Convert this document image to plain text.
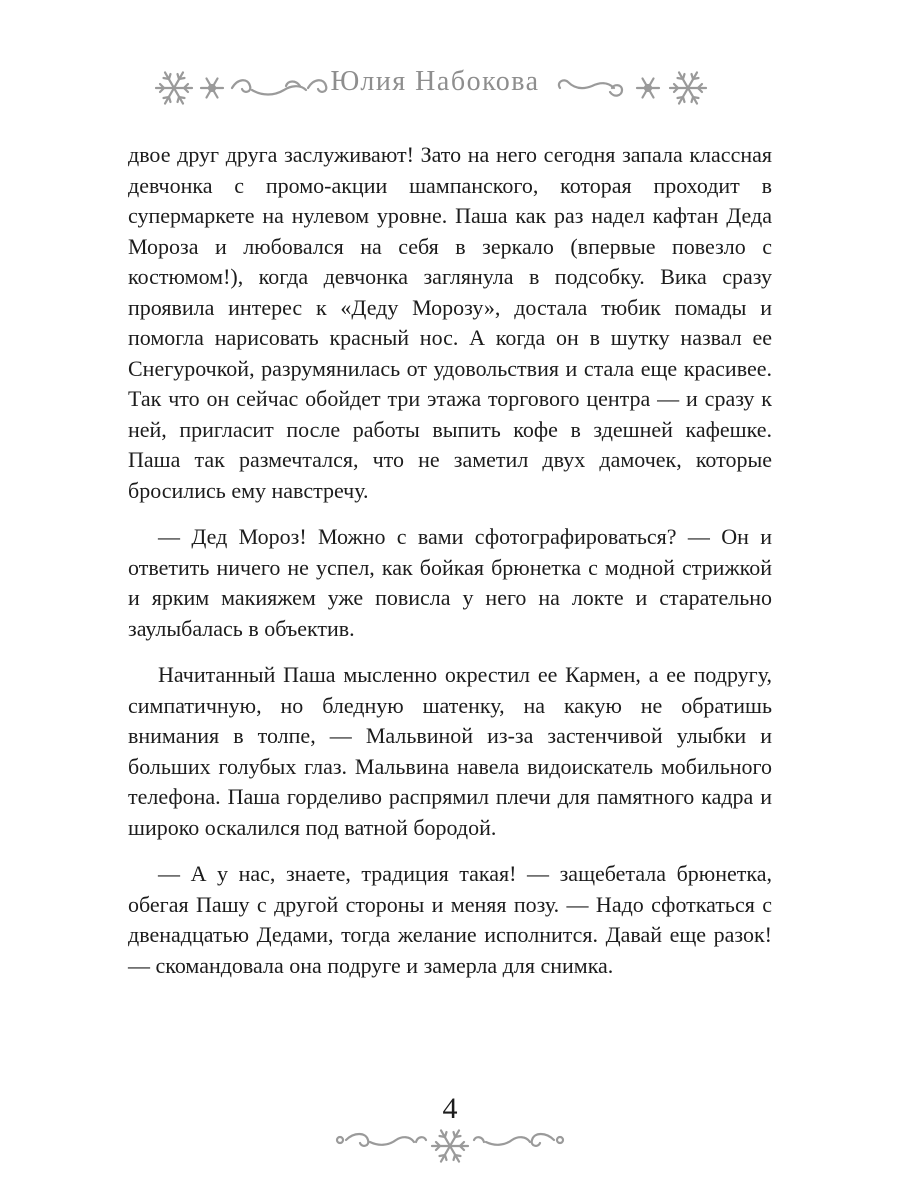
Юлия Набокова

двое друг друга заслуживают! Зато на него сегодня запала классная девчонка с промо-акции шампанского, которая проходит в супермаркете на нулевом уровне. Паша как раз надел кафтан Деда Мороза и любовался на себя в зеркало (впервые повезло с костюмом!), когда девчонка заглянула в подсобку. Вика сразу проявила интерес к «Деду Морозу», достала тюбик помады и помогла нарисовать красный нос. А когда он в шутку назвал ее Снегурочкой, разрумянилась от удовольствия и стала еще красивее. Так что он сейчас обойдет три этажа торгового центра — и сразу к ней, пригласит после работы выпить кофе в здешней кафешке. Паша так размечтался, что не заметил двух дамочек, которые бросились ему навстречу.

— Дед Мороз! Можно с вами сфотографироваться? — Он и ответить ничего не успел, как бойкая брюнетка с модной стрижкой и ярким макияжем уже повисла у него на локте и старательно заулыбалась в объектив.

Начитанный Паша мысленно окрестил ее Кармен, а ее подругу, симпатичную, но бледную шатенку, на какую не обратишь внимания в толпе, — Мальвиной из-за застенчивой улыбки и больших голубых глаз. Мальвина навела видоискатель мобильного телефона. Паша горделиво распрямил плечи для памятного кадра и широко оскалился под ватной бородой.

— А у нас, знаете, традиция такая! — защебетала брюнетка, обегая Пашу с другой стороны и меняя позу. — Надо сфоткаться с двенадцатью Дедами, тогда желание исполнится. Давай еще разок! — скомандовала она подруге и замерла для снимка.

4
